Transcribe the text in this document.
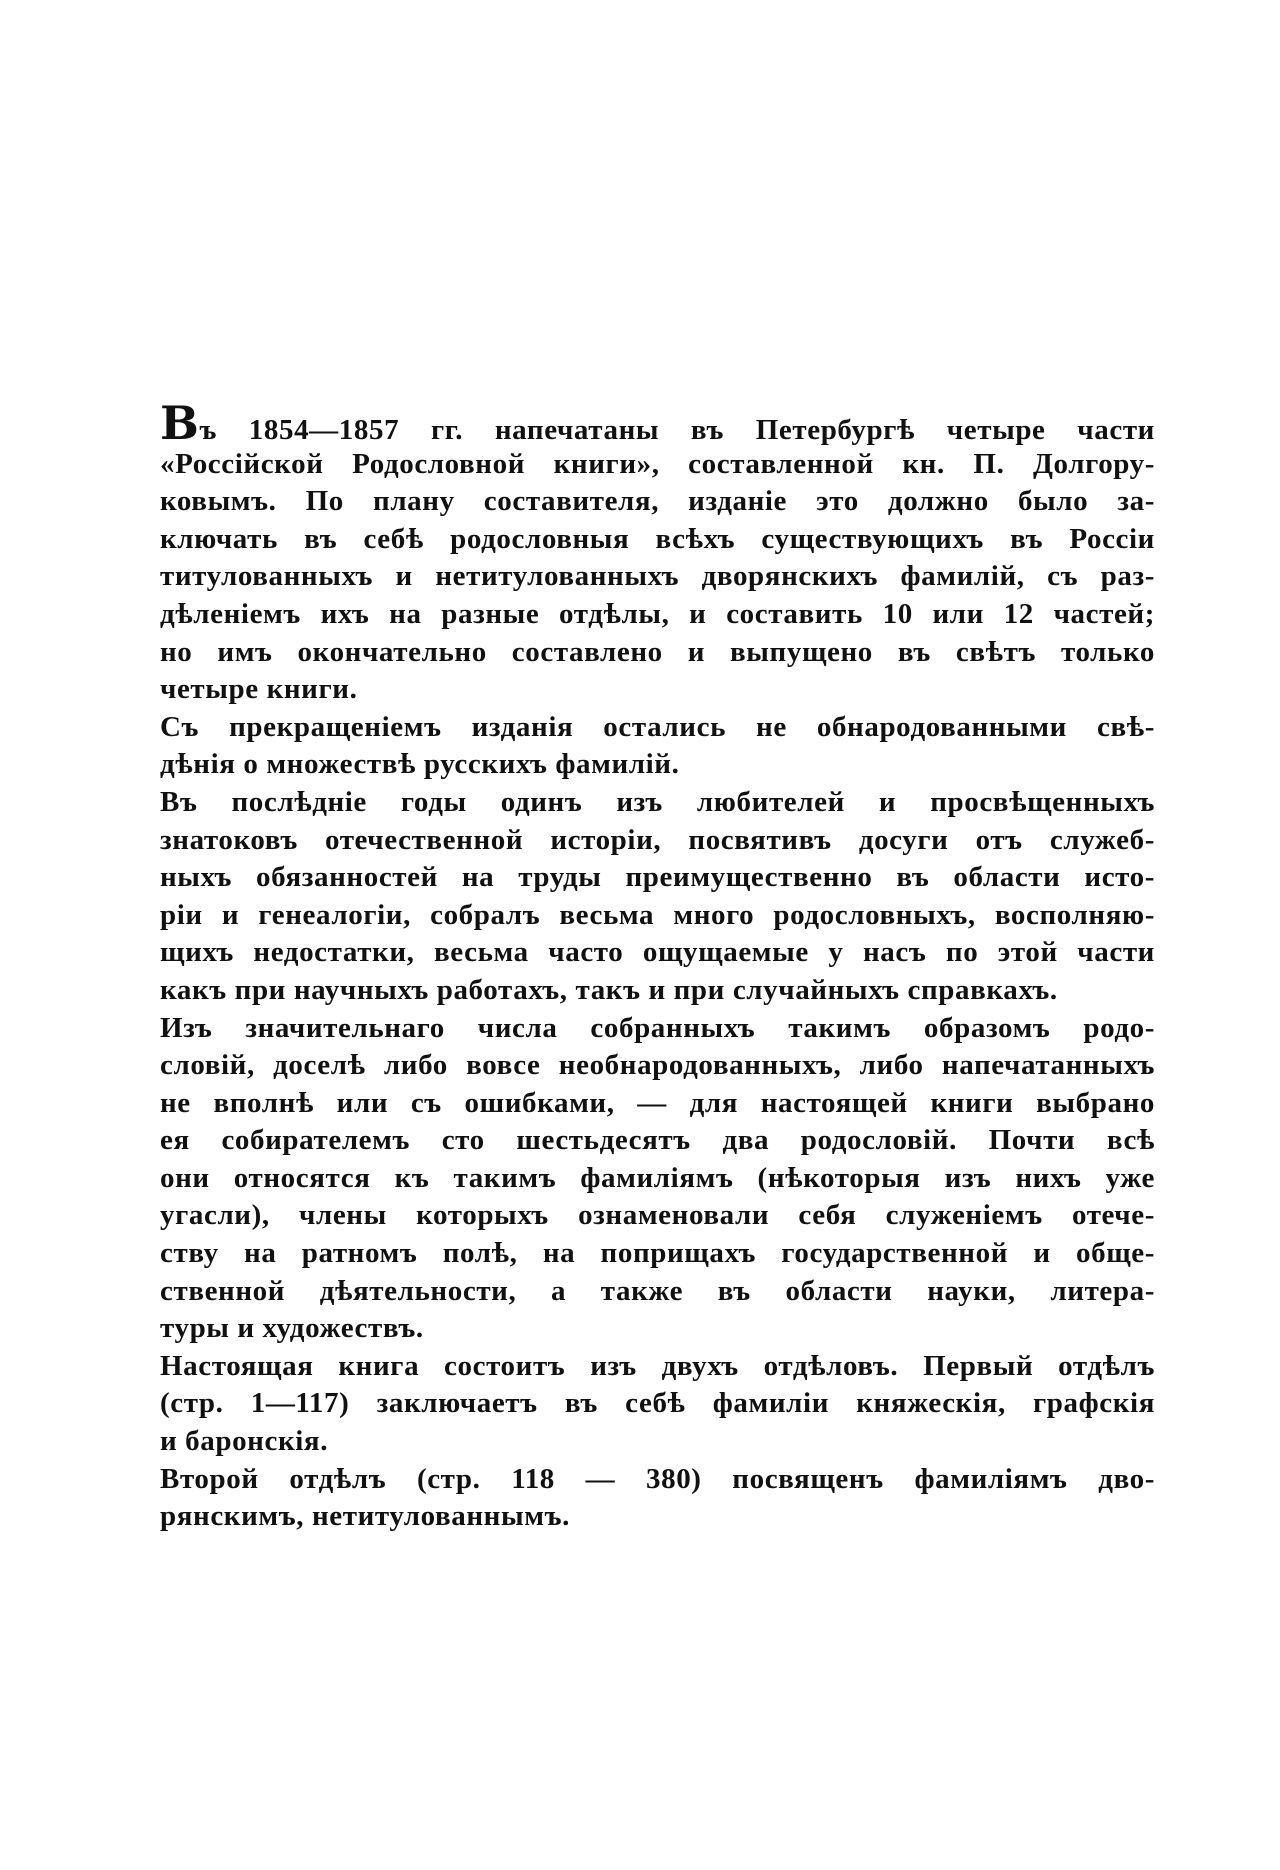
Въ 1854—1857 гг. напечатаны въ Петербургѣ четыре части
«Россійской Родословной книги», составленной кн. П. Долгору-
ковымъ. По плану составителя, изданіе это должно было за-
ключать въ себѣ родословныя всѣхъ существующихъ въ Россіи
титулованныхъ и нетитулованныхъ дворянскихъ фамилій, съ раз-
дѣленіемъ ихъ на разные отдѣлы, и составить 10 или 12 частей;
но имъ окончательно составлено и выпущено въ свѣтъ только
четыре книги.
Съ прекращеніемъ изданія остались не обнародованными свѣ-
дѣнія о множествѣ русскихъ фамилій.
Въ послѣдніе годы одинъ изъ любителей и просвѣщенныхъ
знатоковъ отечественной исторіи, посвятивъ досуги отъ служеб-
ныхъ обязанностей на труды преимущественно въ области исто-
ріи и генеалогіи, собралъ весьма много родословныхъ, восполняю-
щихъ недостатки, весьма часто ощущаемые у насъ по этой части
какъ при научныхъ работахъ, такъ и при случайныхъ справкахъ.
Изъ значительнаго числа собранныхъ такимъ образомъ родо-
словій, доселѣ либо вовсе необнародованныхъ, либо напечатанныхъ
не вполнѣ или съ ошибками, — для настоящей книги выбрано
ея собирателемъ сто шестьдесятъ два родословій. Почти всѣ
они относятся къ такимъ фамиліямъ (нѣкоторыя изъ нихъ уже
угасли), члены которыхъ ознаменовали себя служеніемъ отече-
ству на ратномъ полѣ, на поприщахъ государственной и обще-
ственной дѣятельности, а также въ области науки, литера-
туры и художествъ.
Настоящая книга состоитъ изъ двухъ отдѣловъ. Первый отдѣлъ
(стр. 1—117) заключаетъ въ себѣ фамиліи княжескія, графскія
и баронскія.
Второй отдѣлъ (стр. 118 — 380) посвященъ фамиліямъ дво-
рянскимъ, нетитулованнымъ.
